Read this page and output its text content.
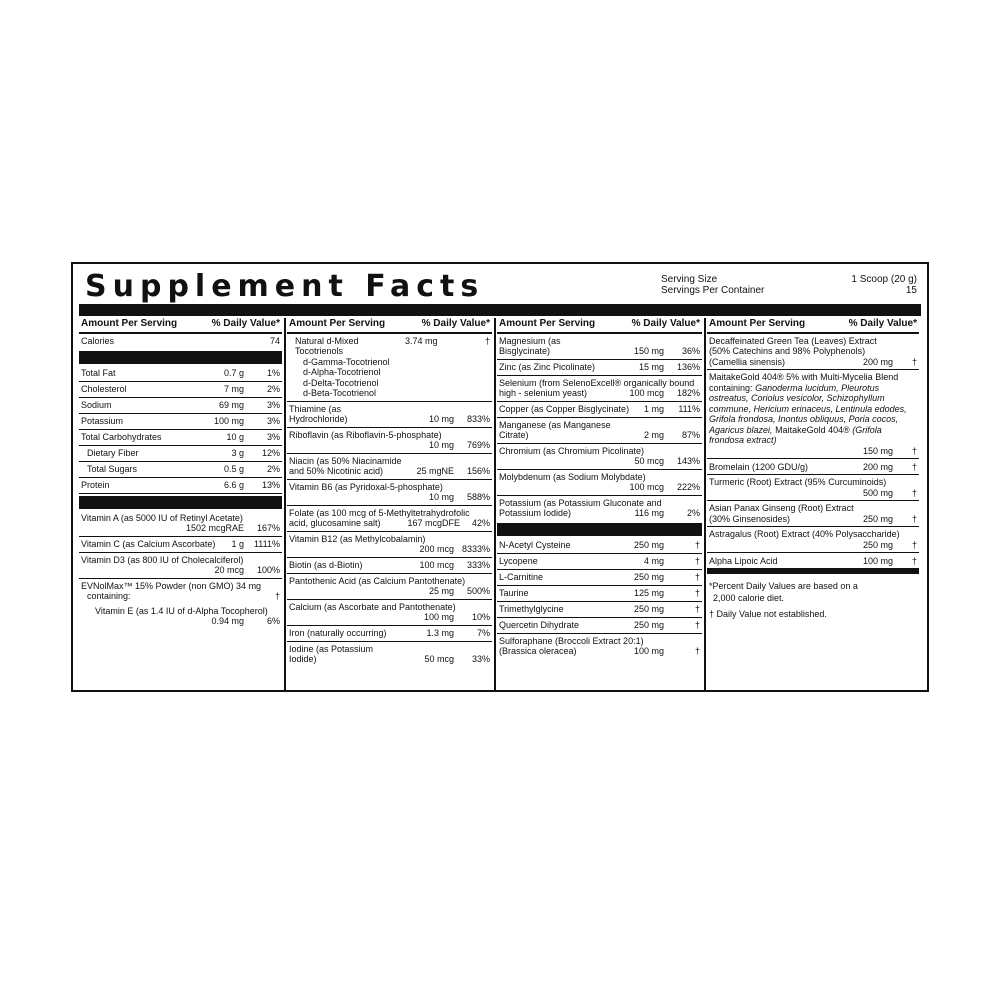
Supplement Facts	Serving Size	1 Scoop (20 g)
Servings Per Container	15
Amount Per Serving	% Daily Value*
Calories	74
Total Fat	0.7 g	1%
Cholesterol	7 mg	2%
Sodium	69 mg	3%
Potassium	100 mg	3%
Total Carbohydrates	10 g	3%
Dietary Fiber	3 g	12%
Total Sugars	0.5 g	2%
Protein	6.6 g	13%
Vitamin A (as 5000 IU of Retinyl Acetate)
1502 mcgRAE	167%
Vitamin C (as Calcium Ascorbate)	1 g	1111%
Vitamin D3 (as 800 IU of Cholecalciferol)
20 mcg	100%
EVNolMax™ 15% Powder (non GMO) 34 mg
containing:	†
Vitamin E (as 1.4 IU of d-Alpha Tocopherol)
0.94 mg	6%
Amount Per Serving	% Daily Value*
Natural d-Mixed Tocotrienols
3.74 mg	†
d-Gamma-Tocotrienol
d-Alpha-Tocotrienol
d-Delta-Tocotrienol
d-Beta-Tocotrienol
Thiamine (as Hydrochloride)	10 mg	833%
Riboflavin (as Riboflavin-5-phosphate)
10 mg	769%
Niacin (as 50% Niacinamide
and 50% Nicotinic acid)	25 mgNE	156%
Vitamin B6 (as Pyridoxal-5-phosphate)
10 mg	588%
Folate (as 100 mcg of 5-Methyltetrahydrofolic
acid, glucosamine salt)	167 mcgDFE	42%
Vitamin B12 (as Methylcobalamin)
200 mcg 8333%
Biotin (as d-Biotin)	100 mcg	333%
Pantothenic Acid (as Calcium Pantothenate)
25 mg	500%
Calcium (as Ascorbate and Pantothenate)
100 mg	10%
Iron (naturally occurring)	1.3 mg	7%
Iodine (as Potassium Iodide)	50 mcg	33%
Amount Per Serving	% Daily Value*
Magnesium (as Bisglycinate)	150 mg	36%
Zinc (as Zinc Picolinate)	15 mg	136%
Selenium (from SelenoExcell® organically bound
high - selenium yeast)	100 mcg	182%
Copper (as Copper Bisglycinate)	1 mg	111%
Manganese (as Manganese Citrate)	2 mg	87%
Chromium (as Chromium Picolinate)
50 mcg	143%
Molybdenum (as Sodium Molybdate)
100 mcg	222%
Potassium (as Potassium Gluconate and
Potassium Iodide)	116 mg	2%
N-Acetyl Cysteine	250 mg	†
Lycopene	4 mg	†
L-Carnitine	250 mg	†
Taurine	125 mg	†
Trimethylglycine	250 mg	†
Quercetin Dihydrate	250 mg	†
Sulforaphane (Broccoli Extract 20:1)
(Brassica oleracea)	100 mg	†
Amount Per Serving	% Daily Value*
Decaffeinated Green Tea (Leaves) Extract
(50% Catechins and 98% Polyphenols)
(Camellia sinensis)	200 mg	†
MaitakeGold 404® 5% with Multi-Mycelia Blend
containing: Ganoderma lucidum, Pleurotus ostreatus, Coriolus vesicolor, Schizophyllum commune, Hericium erinaceus, Lentinula edodes, Grifola frondosa, Inontus obliquus, Poria cocos, Agaricus blazei, MaitakeGold 404® (Grifola frondosa extract)
150 mg	†
Bromelain (1200 GDU/g)	200 mg	†
Turmeric (Root) Extract (95% Curcuminoids)
500 mg	†
Asian Panax Ginseng (Root) Extract
(30% Ginsenosides)	250 mg	†
Astragalus (Root) Extract (40% Polysaccharide)
250 mg	†
Alpha Lipoic Acid	100 mg	†
*Percent Daily Values are based on a
2,000 calorie diet.
† Daily Value not established.
